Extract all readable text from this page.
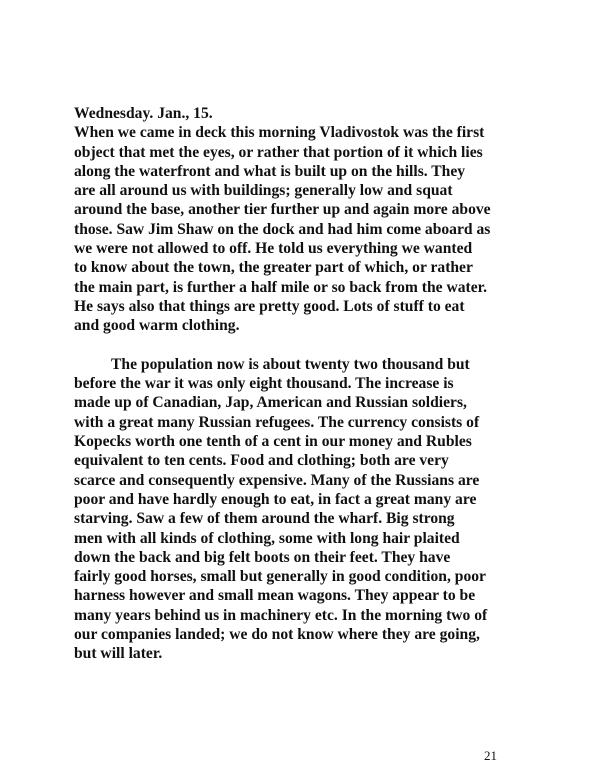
Wednesday. Jan., 15.
When we came in deck this morning Vladivostok was the first
object that met the eyes, or rather that portion of it which lies
along the waterfront and what is built up on the hills. They
are all around us with buildings; generally low and squat
around the base, another tier further up and again more above
those. Saw Jim Shaw on the dock and had him come aboard as
we were not allowed to off. He told us everything we wanted
to know about the town, the greater part of which, or rather
the main part, is further a half mile or so back from the water.
He says also that things are pretty good. Lots of stuff to eat
and good warm clothing.
The population now is about twenty two thousand but
before the war it was only eight thousand. The increase is
made up of Canadian, Jap, American and Russian soldiers,
with a great many Russian refugees. The currency consists of
Kopecks worth one tenth of a cent in our money and Rubles
equivalent to ten cents. Food and clothing; both are very
scarce and consequently expensive. Many of the Russians are
poor and have hardly enough to eat, in fact a great many are
starving. Saw a few of them around the wharf. Big strong
men with all kinds of clothing, some with long hair plaited
down the back and big felt boots on their feet. They have
fairly good horses, small but generally in good condition, poor
harness however and small mean wagons. They appear to be
many years behind us in machinery etc. In the morning two of
our companies landed; we do not know where they are going,
but will later.
21
